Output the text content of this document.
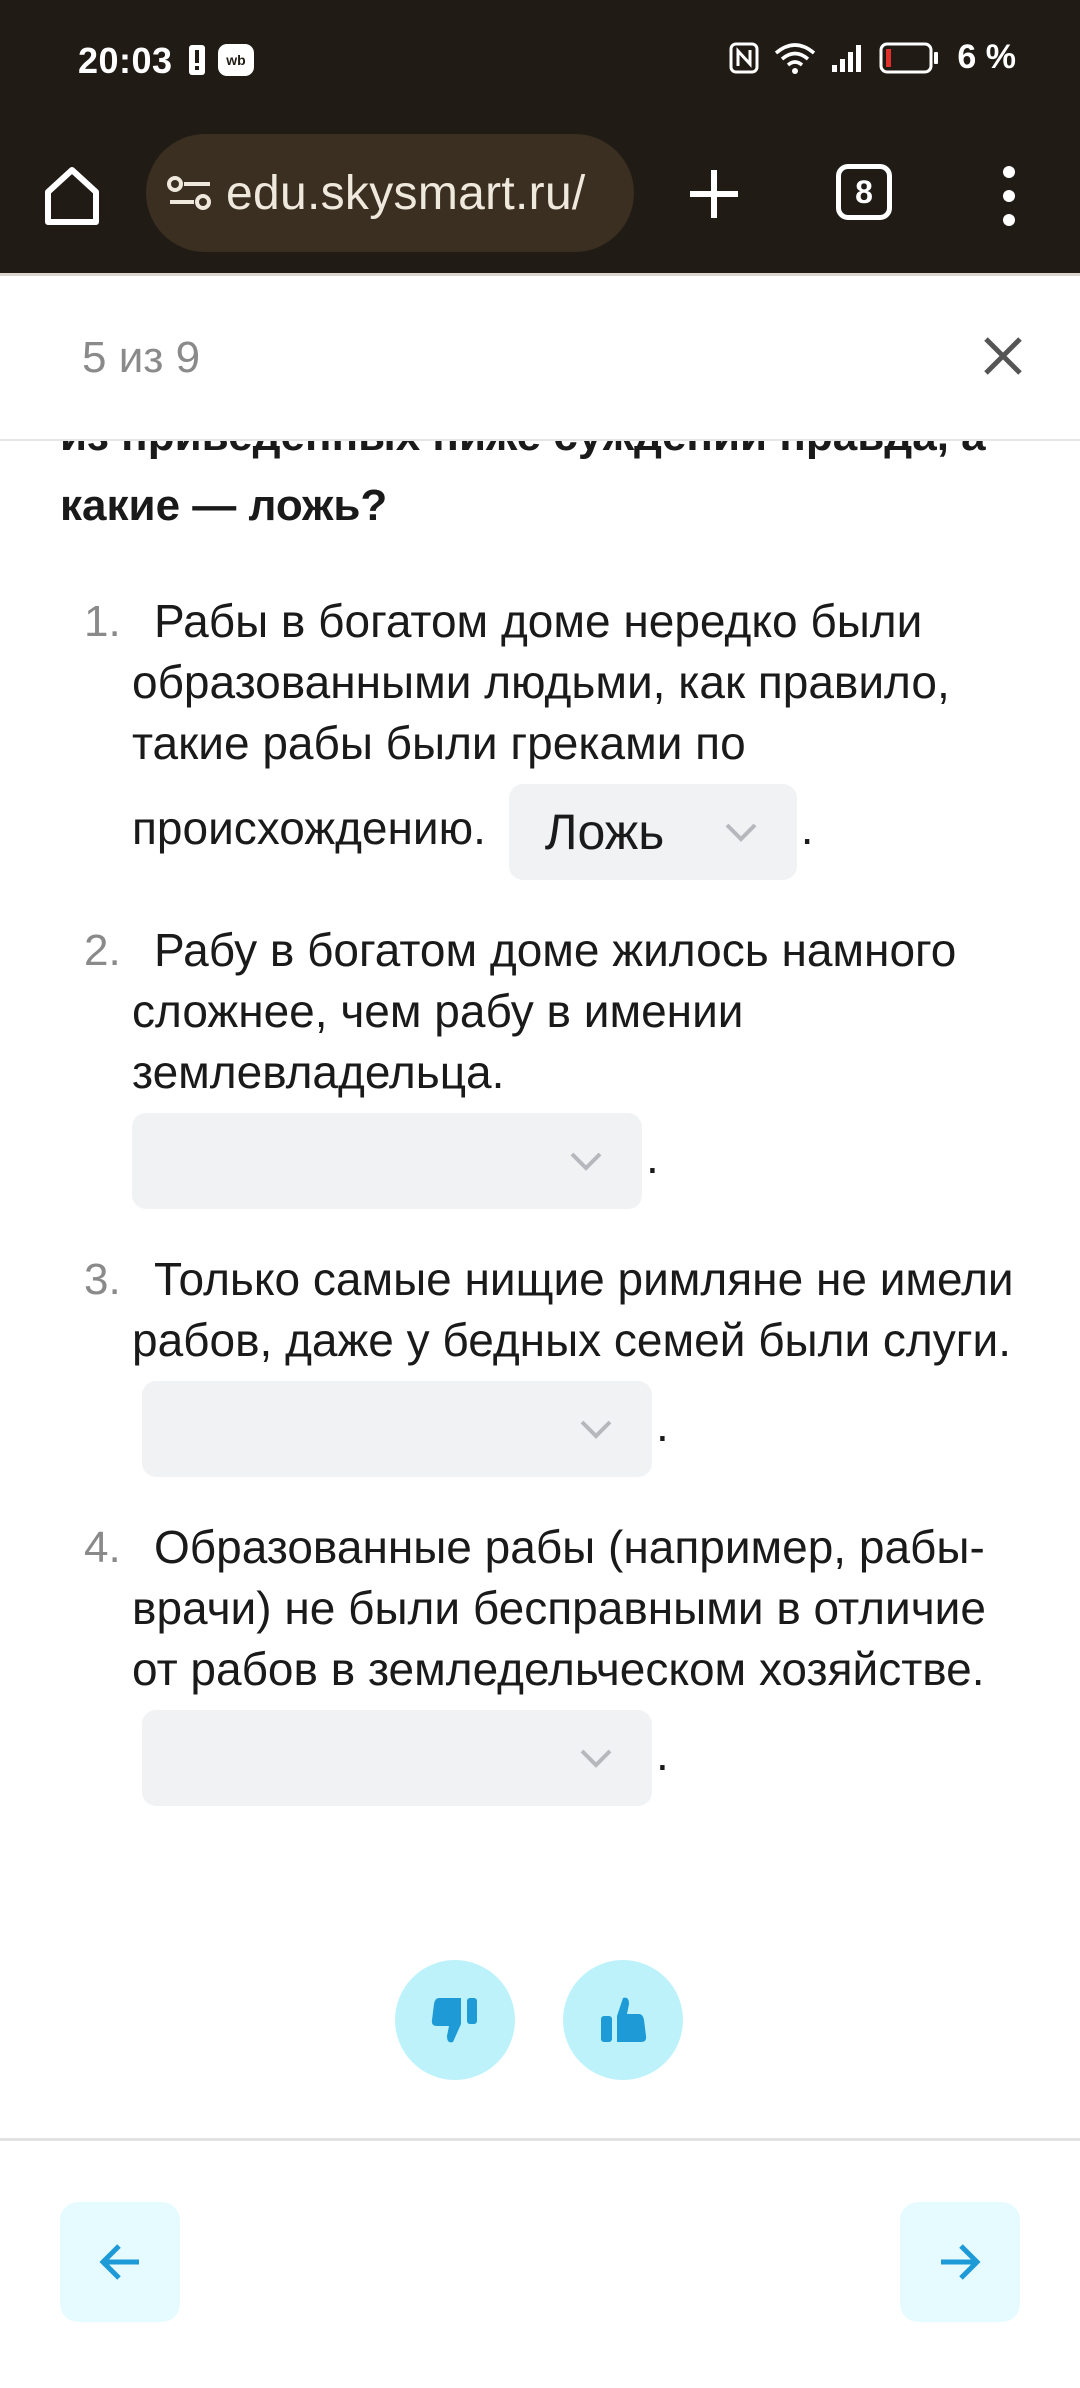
20:03	wb	6 %
edu.skysmart.ru/	8
5 из 9
какие — ложь?
1. Рабы в богатом доме нередко были образованными людьми, как правило, такие рабы были греками по происхождению. Ложь	.
2. Рабу в богатом доме жилось намного сложнее, чем рабу в имении землевладельца.

.
3. Только самые нищие римляне не имели рабов, даже у бедных семей были слуги.
.
4. Образованные рабы (например, рабы-врачи) не были бесправными в отличие от рабов в земледельческом хозяйстве.
.
